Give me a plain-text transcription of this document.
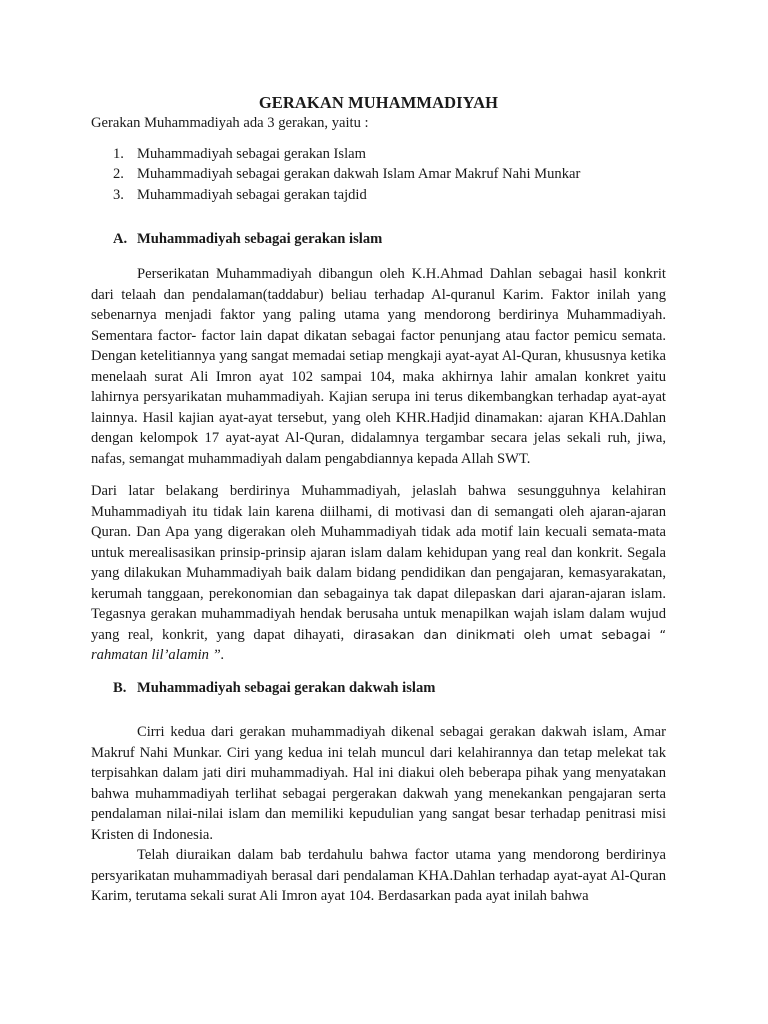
GERAKAN MUHAMMADIYAH

Gerakan Muhammadiyah ada 3 gerakan, yaitu :

1. Muhammadiyah sebagai gerakan Islam
2. Muhammadiyah sebagai gerakan dakwah Islam Amar Makruf Nahi Munkar
3. Muhammadiyah sebagai gerakan tajdid
A. Muhammadiyah sebagai gerakan islam

Perserikatan Muhammadiyah dibangun oleh K.H.Ahmad Dahlan sebagai hasil konkrit dari telaah dan pendalaman(taddabur) beliau terhadap Al-quranul Karim. Faktor inilah yang sebenarnya menjadi faktor yang paling utama yang mendorong berdirinya Muhammadiyah. Sementara factor- factor lain dapat dikatan sebagai factor penunjang atau factor pemicu semata. Dengan ketelitiannya yang sangat memadai setiap mengkaji ayat-ayat Al-Quran, khususnya ketika menelaah surat Ali Imron ayat 102 sampai 104, maka akhirnya lahir amalan konkret yaitu lahirnya persyarikatan muhammadiyah. Kajian serupa ini terus dikembangkan terhadap ayat-ayat lainnya. Hasil kajian ayat-ayat tersebut, yang oleh KHR.Hadjid dinamakan: ajaran KHA.Dahlan dengan kelompok 17 ayat-ayat Al-Quran, didalamnya tergambar secara jelas sekali ruh, jiwa, nafas, semangat muhammadiyah dalam pengabdiannya kepada Allah SWT.

Dari latar belakang berdirinya Muhammadiyah, jelaslah bahwa sesungguhnya kelahiran Muhammadiyah itu tidak lain karena diilhami, di motivasi dan di semangati oleh ajaran-ajaran Quran. Dan Apa yang digerakan oleh Muhammadiyah tidak ada motif lain kecuali semata-mata untuk merealisasikan prinsip-prinsip ajaran islam dalam kehidupan yang real dan konkrit. Segala yang dilakukan Muhammadiyah baik dalam bidang pendidikan dan pengajaran, kemasyarakatan, kerumah tanggaan, perekonomian dan sebagainya tak dapat dilepaskan dari ajaran-ajaran islam. Tegasnya gerakan muhammadiyah hendak berusaha untuk menapilkan wajah islam dalam wujud yang real, konkrit, yang dapat dihayati, dirasakan dan dinikmati oleh umat sebagai “ rahmatan lil’alamin ”.

B. Muhammadiyah sebagai gerakan dakwah islam

Cirri kedua dari gerakan muhammadiyah dikenal sebagai gerakan dakwah islam, Amar Makruf Nahi Munkar. Ciri yang kedua ini telah muncul dari kelahirannya dan tetap melekat tak terpisahkan dalam jati diri muhammadiyah. Hal ini diakui oleh beberapa pihak yang menyatakan bahwa muhammadiyah terlihat sebagai pergerakan dakwah yang menekankan pengajaran serta pendalaman nilai-nilai islam dan memiliki kepudulian yang sangat besar terhadap penitrasi misi Kristen di Indonesia.

Telah diuraikan dalam bab terdahulu bahwa factor utama yang mendorong berdirinya persyarikatan muhammadiyah berasal dari pendalaman KHA.Dahlan terhadap ayat-ayat Al-Quran Karim, terutama sekali surat Ali Imron ayat 104. Berdasarkan pada ayat inilah bahwa
